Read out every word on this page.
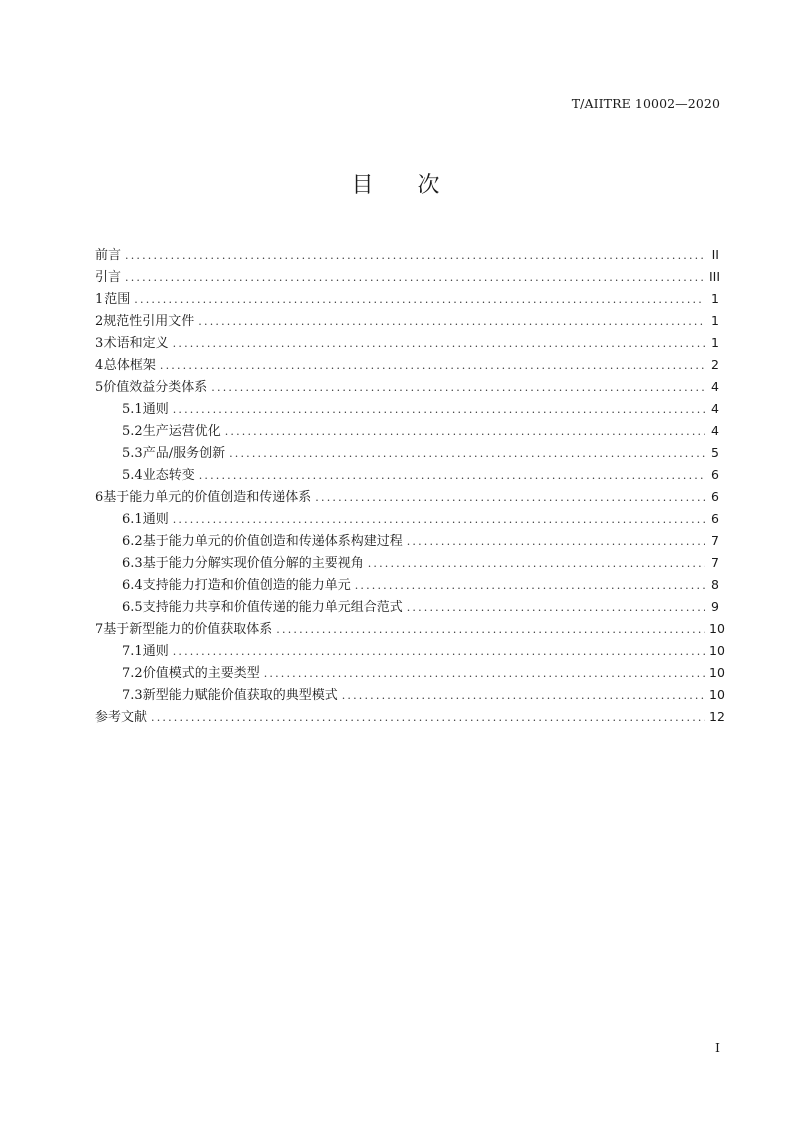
T/AIITRE 10002—2020
目 次
前言 .....	II
引言 .....	III
1 范围 .....	1
2 规范性引用文件 .....	1
3 术语和定义 .....	1
4 总体框架 .....	2
5 价值效益分类体系 .....	4
5.1 通则 .....	4
5.2 生产运营优化 .....	4
5.3 产品/服务创新 .....	5
5.4 业态转变 .....	6
6 基于能力单元的价值创造和传递体系 .....	6
6.1 通则 .....	6
6.2 基于能力单元的价值创造和传递体系构建过程 .....	7
6.3 基于能力分解实现价值分解的主要视角 .....	7
6.4 支持能力打造和价值创造的能力单元 .....	8
6.5 支持能力共享和价值传递的能力单元组合范式 .....	9
7 基于新型能力的价值获取体系 .....	10
7.1 通则 .....	10
7.2 价值模式的主要类型 .....	10
7.3 新型能力赋能价值获取的典型模式 .....	10
参考文献 .....	12
I
